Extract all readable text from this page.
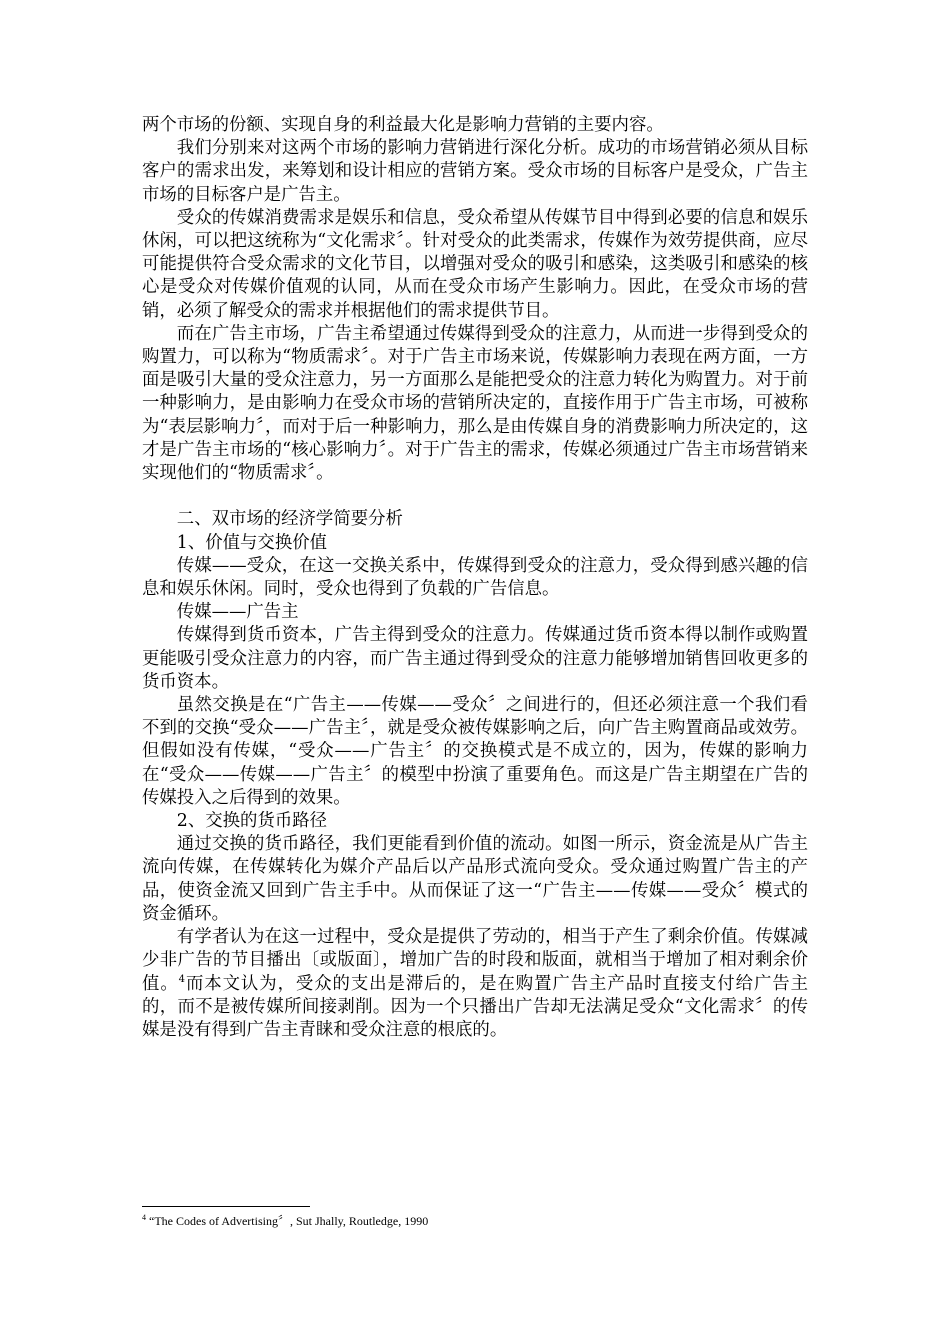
两个市场的份额、实现自身的利益最大化是影响力营销的主要内容。

我们分别来对这两个市场的影响力营销进行深化分析。成功的市场营销必须从目标客户的需求出发，来筹划和设计相应的营销方案。受众市场的目标客户是受众，广告主市场的目标客户是广告主。

受众的传媒消费需求是娱乐和信息，受众希望从传媒节目中得到必要的信息和娱乐休闲，可以把这统称为“文化需求〞。针对受众的此类需求，传媒作为效劳提供商，应尽可能提供符合受众需求的文化节目，以增强对受众的吸引和感染，这类吸引和感染的核心是受众对传媒价值观的认同，从而在受众市场产生影响力。因此，在受众市场的营销，必须了解受众的需求并根据他们的需求提供节目。

而在广告主市场，广告主希望通过传媒得到受众的注意力，从而进一步得到受众的购置力，可以称为“物质需求〞。对于广告主市场来说，传媒影响力表现在两方面，一方面是吸引大量的受众注意力，另一方面那么是能把受众的注意力转化为购置力。对于前一种影响力，是由影响力在受众市场的营销所决定的，直接作用于广告主市场，可被称为“表层影响力〞，而对于后一种影响力，那么是由传媒自身的消费影响力所决定的，这才是广告主市场的“核心影响力〞。对于广告主的需求，传媒必须通过广告主市场营销来实现他们的“物质需求〞。

二、双市场的经济学简要分析

1、价值与交换价值

传媒——受众，在这一交换关系中，传媒得到受众的注意力，受众得到感兴趣的信息和娱乐休闲。同时，受众也得到了负载的广告信息。

传媒——广告主

传媒得到货币资本，广告主得到受众的注意力。传媒通过货币资本得以制作或购置更能吸引受众注意力的内容，而广告主通过得到受众的注意力能够增加销售回收更多的货币资本。

虽然交换是在“广告主——传媒——受众〞之间进行的，但还必须注意一个我们看不到的交换“受众——广告主〞，就是受众被传媒影响之后，向广告主购置商品或效劳。但假如没有传媒，“受众——广告主〞的交换模式是不成立的，因为，传媒的影响力在“受众——传媒——广告主〞的模型中扮演了重要角色。而这是广告主期望在广告的传媒投入之后得到的效果。

2、交换的货币路径

通过交换的货币路径，我们更能看到价值的流动。如图一所示，资金流是从广告主流向传媒，在传媒转化为媒介产品后以产品形式流向受众。受众通过购置广告主的产品，使资金流又回到广告主手中。从而保证了这一“广告主——传媒——受众〞模式的资金循环。

有学者认为在这一过程中，受众是提供了劳动的，相当于产生了剩余价值。传媒减少非广告的节目播出〔或版面〕，增加广告的时段和版面，就相当于增加了相对剩余价值。$^4$而本文认为，受众的支出是滞后的，是在购置广告主产品时直接支付给广告主的，而不是被传媒所间接剥削。因为一个只播出广告却无法满足受众“文化需求〞的传媒是没有得到广告主青睐和受众注意的根底的。

$^4$ “The Codes of Advertising〞, Sut Jhally, Routledge, 1990
